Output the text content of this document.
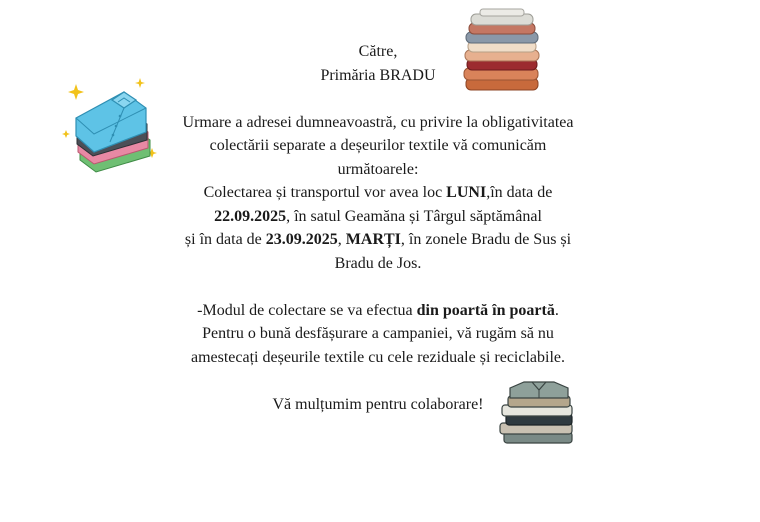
Către,
Primăria BRADU
Urmare a adresei dumneavoastră, cu privire la obligativitatea
colectării separate a deșeurilor textile vă comunicăm
următoarele:
Colectarea și transportul vor avea loc LUNI,în data de
22.09.2025, în satul Geamăna și Târgul săptămânal
și în data de 23.09.2025, MARȚI, în zonele Bradu de Sus și
Bradu de Jos.
-Modul de colectare se va efectua din poartă în poartă.
Pentru o bună desfășurare a campaniei, vă rugăm să nu
amestecați deșeurile textile cu cele reziduale și reciclabile.
Vă mulțumim pentru colaborare!
